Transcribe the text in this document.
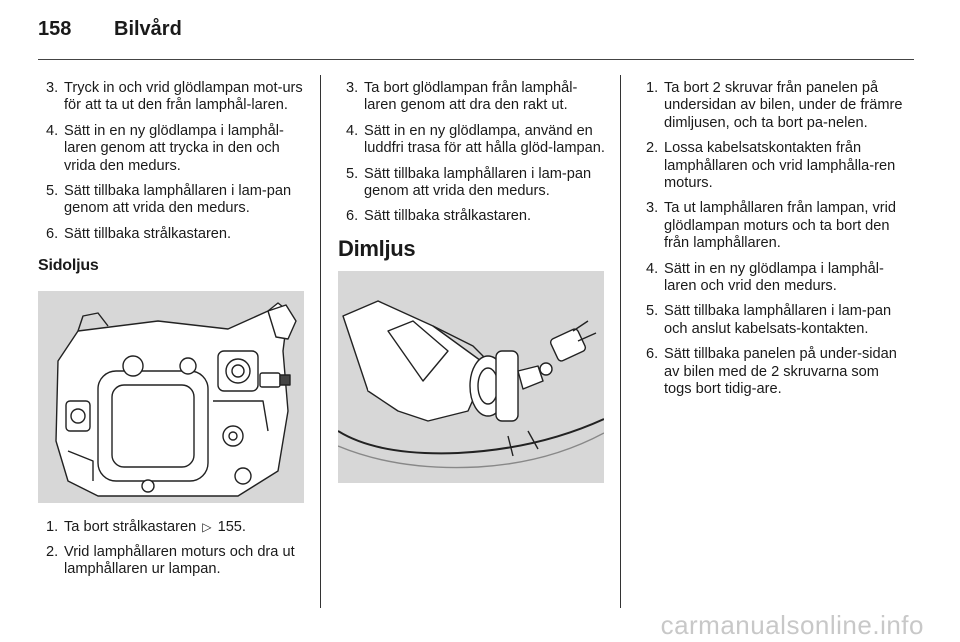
158	Bilvård
3. Tryck in och vrid glödlampan mot-urs för att ta ut den från lamphål-laren.
4. Sätt in en ny glödlampa i lamphål-laren genom att trycka in den och vrida den medurs.
5. Sätt tillbaka lamphållaren i lam-pan genom att vrida den medurs.
6. Sätt tillbaka strålkastaren.
Sidoljus
1. Ta bort strålkastaren ▷ 155.
2. Vrid lamphållaren moturs och dra ut lamphållaren ur lampan.
3. Ta bort glödlampan från lamphål-laren genom att dra den rakt ut.
4. Sätt in en ny glödlampa, använd en luddfri trasa för att hålla glöd-lampan.
5. Sätt tillbaka lamphållaren i lam-pan genom att vrida den medurs.
6. Sätt tillbaka strålkastaren.
Dimljus
1. Ta bort 2 skruvar från panelen på undersidan av bilen, under de främre dimljusen, och ta bort pa-nelen.
2. Lossa kabelsatskontakten från lamphållaren och vrid lamphålla-ren moturs.
3. Ta ut lamphållaren från lampan, vrid glödlampan moturs och ta bort den från lamphållaren.
4. Sätt in en ny glödlampa i lamphål-laren och vrid den medurs.
5. Sätt tillbaka lamphållaren i lam-pan och anslut kabelsats-kontakten.
6. Sätt tillbaka panelen på under-sidan av bilen med de 2 skruvarna som togs bort tidig-are.
carmanualsonline.info
